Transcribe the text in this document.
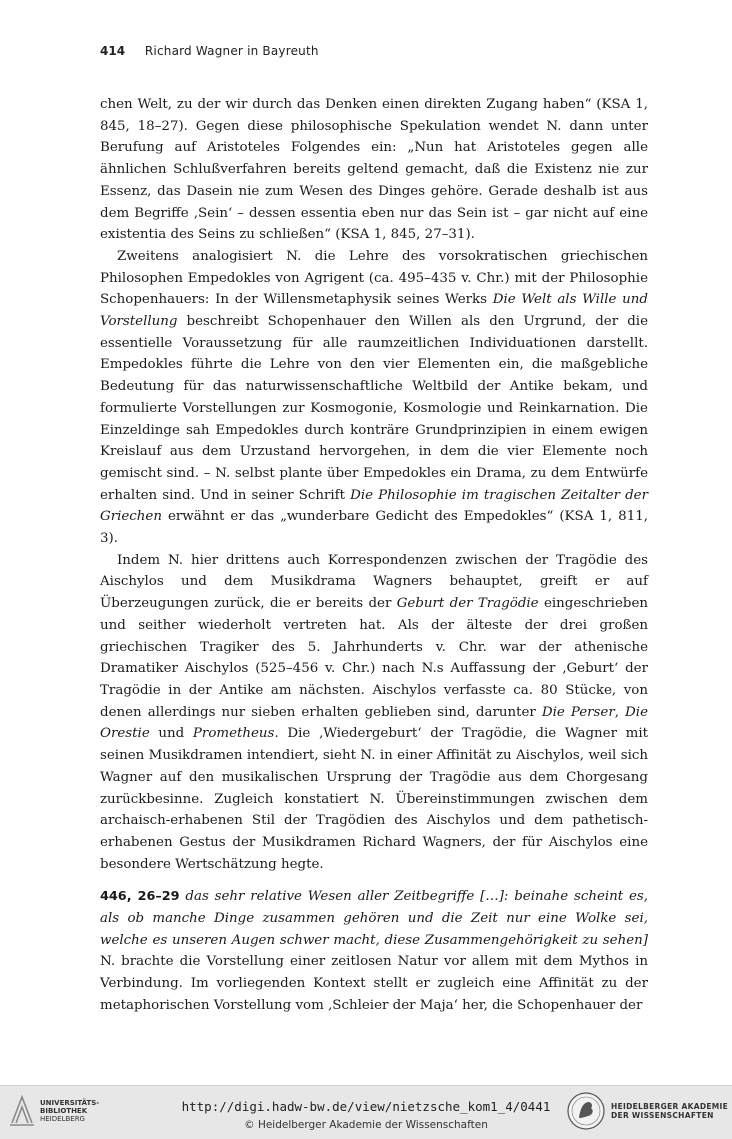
414 Richard Wagner in Bayreuth

chen Welt, zu der wir durch das Denken einen direkten Zugang haben“ (KSA 1, 845, 18–27). Gegen diese philosophische Spekulation wendet N. dann unter Berufung auf Aristoteles Folgendes ein: „Nun hat Aristoteles gegen alle ähnlichen Schlußverfahren bereits geltend gemacht, daß die Existenz nie zur Essenz, das Dasein nie zum Wesen des Dinges gehöre. Gerade deshalb ist aus dem Begriffe ‚Sein‘ – dessen essentia eben nur das Sein ist – gar nicht auf eine existentia des Seins zu schließen“ (KSA 1, 845, 27–31).

Zweitens analogisiert N. die Lehre des vorsokratischen griechischen Philosophen Empedokles von Agrigent (ca. 495–435 v. Chr.) mit der Philosophie Schopenhauers: In der Willensmetaphysik seines Werks Die Welt als Wille und Vorstellung beschreibt Schopenhauer den Willen als den Urgrund, der die essentielle Voraussetzung für alle raumzeitlichen Individuationen darstellt. Empedokles führte die Lehre von den vier Elementen ein, die maßgebliche Bedeutung für das naturwissenschaftliche Weltbild der Antike bekam, und formulierte Vorstellungen zur Kosmogonie, Kosmologie und Reinkarnation. Die Einzeldinge sah Empedokles durch konträre Grundprinzipien in einem ewigen Kreislauf aus dem Urzustand hervorgehen, in dem die vier Elemente noch gemischt sind. – N. selbst plante über Empedokles ein Drama, zu dem Entwürfe erhalten sind. Und in seiner Schrift Die Philosophie im tragischen Zeitalter der Griechen erwähnt er das „wunderbare Gedicht des Empedokles“ (KSA 1, 811, 3).

Indem N. hier drittens auch Korrespondenzen zwischen der Tragödie des Aischylos und dem Musikdrama Wagners behauptet, greift er auf Überzeugungen zurück, die er bereits der Geburt der Tragödie eingeschrieben und seither wiederholt vertreten hat. Als der älteste der drei großen griechischen Tragiker des 5. Jahrhunderts v. Chr. war der athenische Dramatiker Aischylos (525–456 v. Chr.) nach N.s Auffassung der ‚Geburt‘ der Tragödie in der Antike am nächsten. Aischylos verfasste ca. 80 Stücke, von denen allerdings nur sieben erhalten geblieben sind, darunter Die Perser, Die Orestie und Prometheus. Die ‚Wiedergeburt‘ der Tragödie, die Wagner mit seinen Musikdramen intendiert, sieht N. in einer Affinität zu Aischylos, weil sich Wagner auf den musikalischen Ursprung der Tragödie aus dem Chorgesang zurückbesinne. Zugleich konstatiert N. Übereinstimmungen zwischen dem archaisch-erhabenen Stil der Tragödien des Aischylos und dem pathetisch-erhabenen Gestus der Musikdramen Richard Wagners, der für Aischylos eine besondere Wertschätzung hegte.

446, 26–29 das sehr relative Wesen aller Zeitbegriffe […]: beinahe scheint es, als ob manche Dinge zusammen gehören und die Zeit nur eine Wolke sei, welche es unseren Augen schwer macht, diese Zusammengehörigkeit zu sehen] N. brachte die Vorstellung einer zeitlosen Natur vor allem mit dem Mythos in Verbindung. Im vorliegenden Kontext stellt er zugleich eine Affinität zu der metaphorischen Vorstellung vom ‚Schleier der Maja‘ her, die Schopenhauer der

UNIVERSITÄTS-
BIBLIOTHEK
HEIDELBERG
http://digi.hadw-bw.de/view/nietzsche_kom1_4/0441
© Heidelberger Akademie der Wissenschaften
HEIDELBERGER AKADEMIE
DER WISSENSCHAFTEN
